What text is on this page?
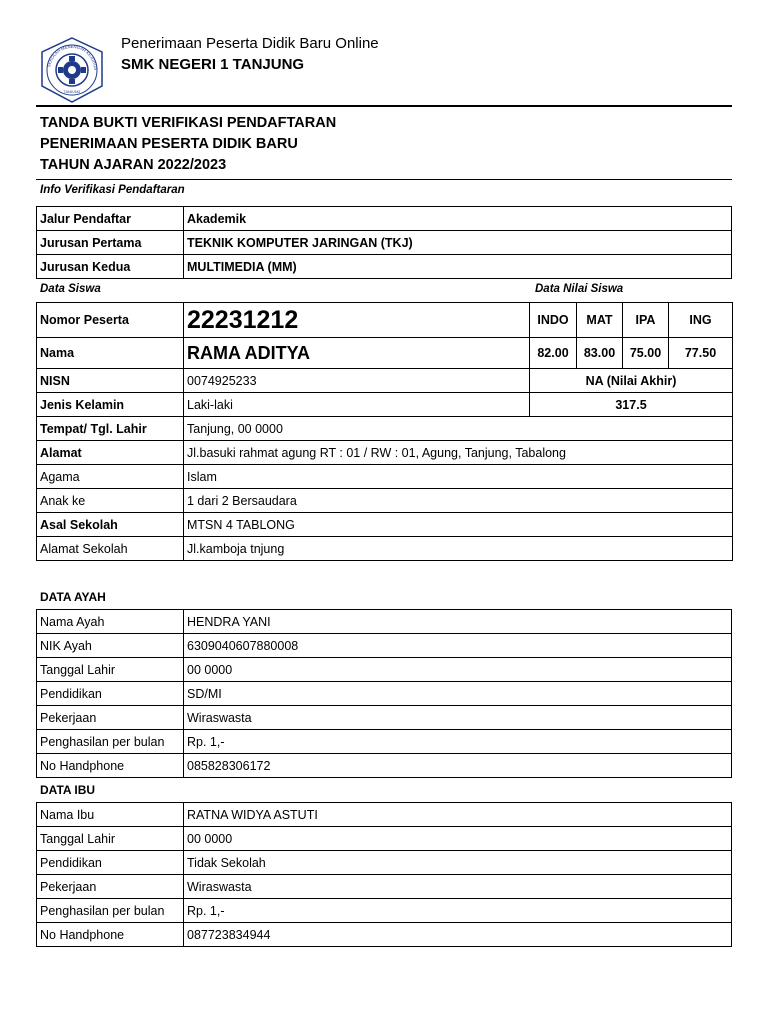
SEKOLAH MENENGAH KEJURUA
TANJUNG
Penerimaan Peserta Didik Baru Online
SMK NEGERI 1 TANJUNG
TANDA BUKTI VERIFIKASI PENDAFTARAN
PENERIMAAN PESERTA DIDIK BARU
TAHUN AJARAN 2022/2023
Info Verifikasi Pendaftaran
Jalur Pendaftar	Akademik
Jurusan Pertama	TEKNIK KOMPUTER JARINGAN (TKJ)
Jurusan Kedua	MULTIMEDIA (MM)
Data Siswa	Data Nilai Siswa
Nomor Peserta	22231212	INDO	MAT	IPA	ING
Nama	RAMA ADITYA	82.00	83.00	75.00	77.50
NISN	0074925233	NA (Nilai Akhir)			
Jenis Kelamin	Laki-laki	317.5			
Tempat/ Tgl. Lahir	Tanjung, 00 0000				
Alamat	Jl.basuki rahmat agung RT : 01 / RW : 01, Agung, Tanjung, Tabalong				
Agama	Islam				
Anak ke	1 dari 2 Bersaudara				
Asal Sekolah	MTSN 4 TABLONG				
Alamat Sekolah	Jl.kamboja tnjung				
DATA AYAH
Nama Ayah	HENDRA YANI
NIK Ayah	6309040607880008
Tanggal Lahir	00 0000
Pendidikan	SD/MI
Pekerjaan	Wiraswasta
Penghasilan per bulan	Rp. 1,-
No Handphone	085828306172
DATA IBU
Nama Ibu	RATNA WIDYA ASTUTI
Tanggal Lahir	00 0000
Pendidikan	Tidak Sekolah
Pekerjaan	Wiraswasta
Penghasilan per bulan	Rp. 1,-
No Handphone	087723834944
